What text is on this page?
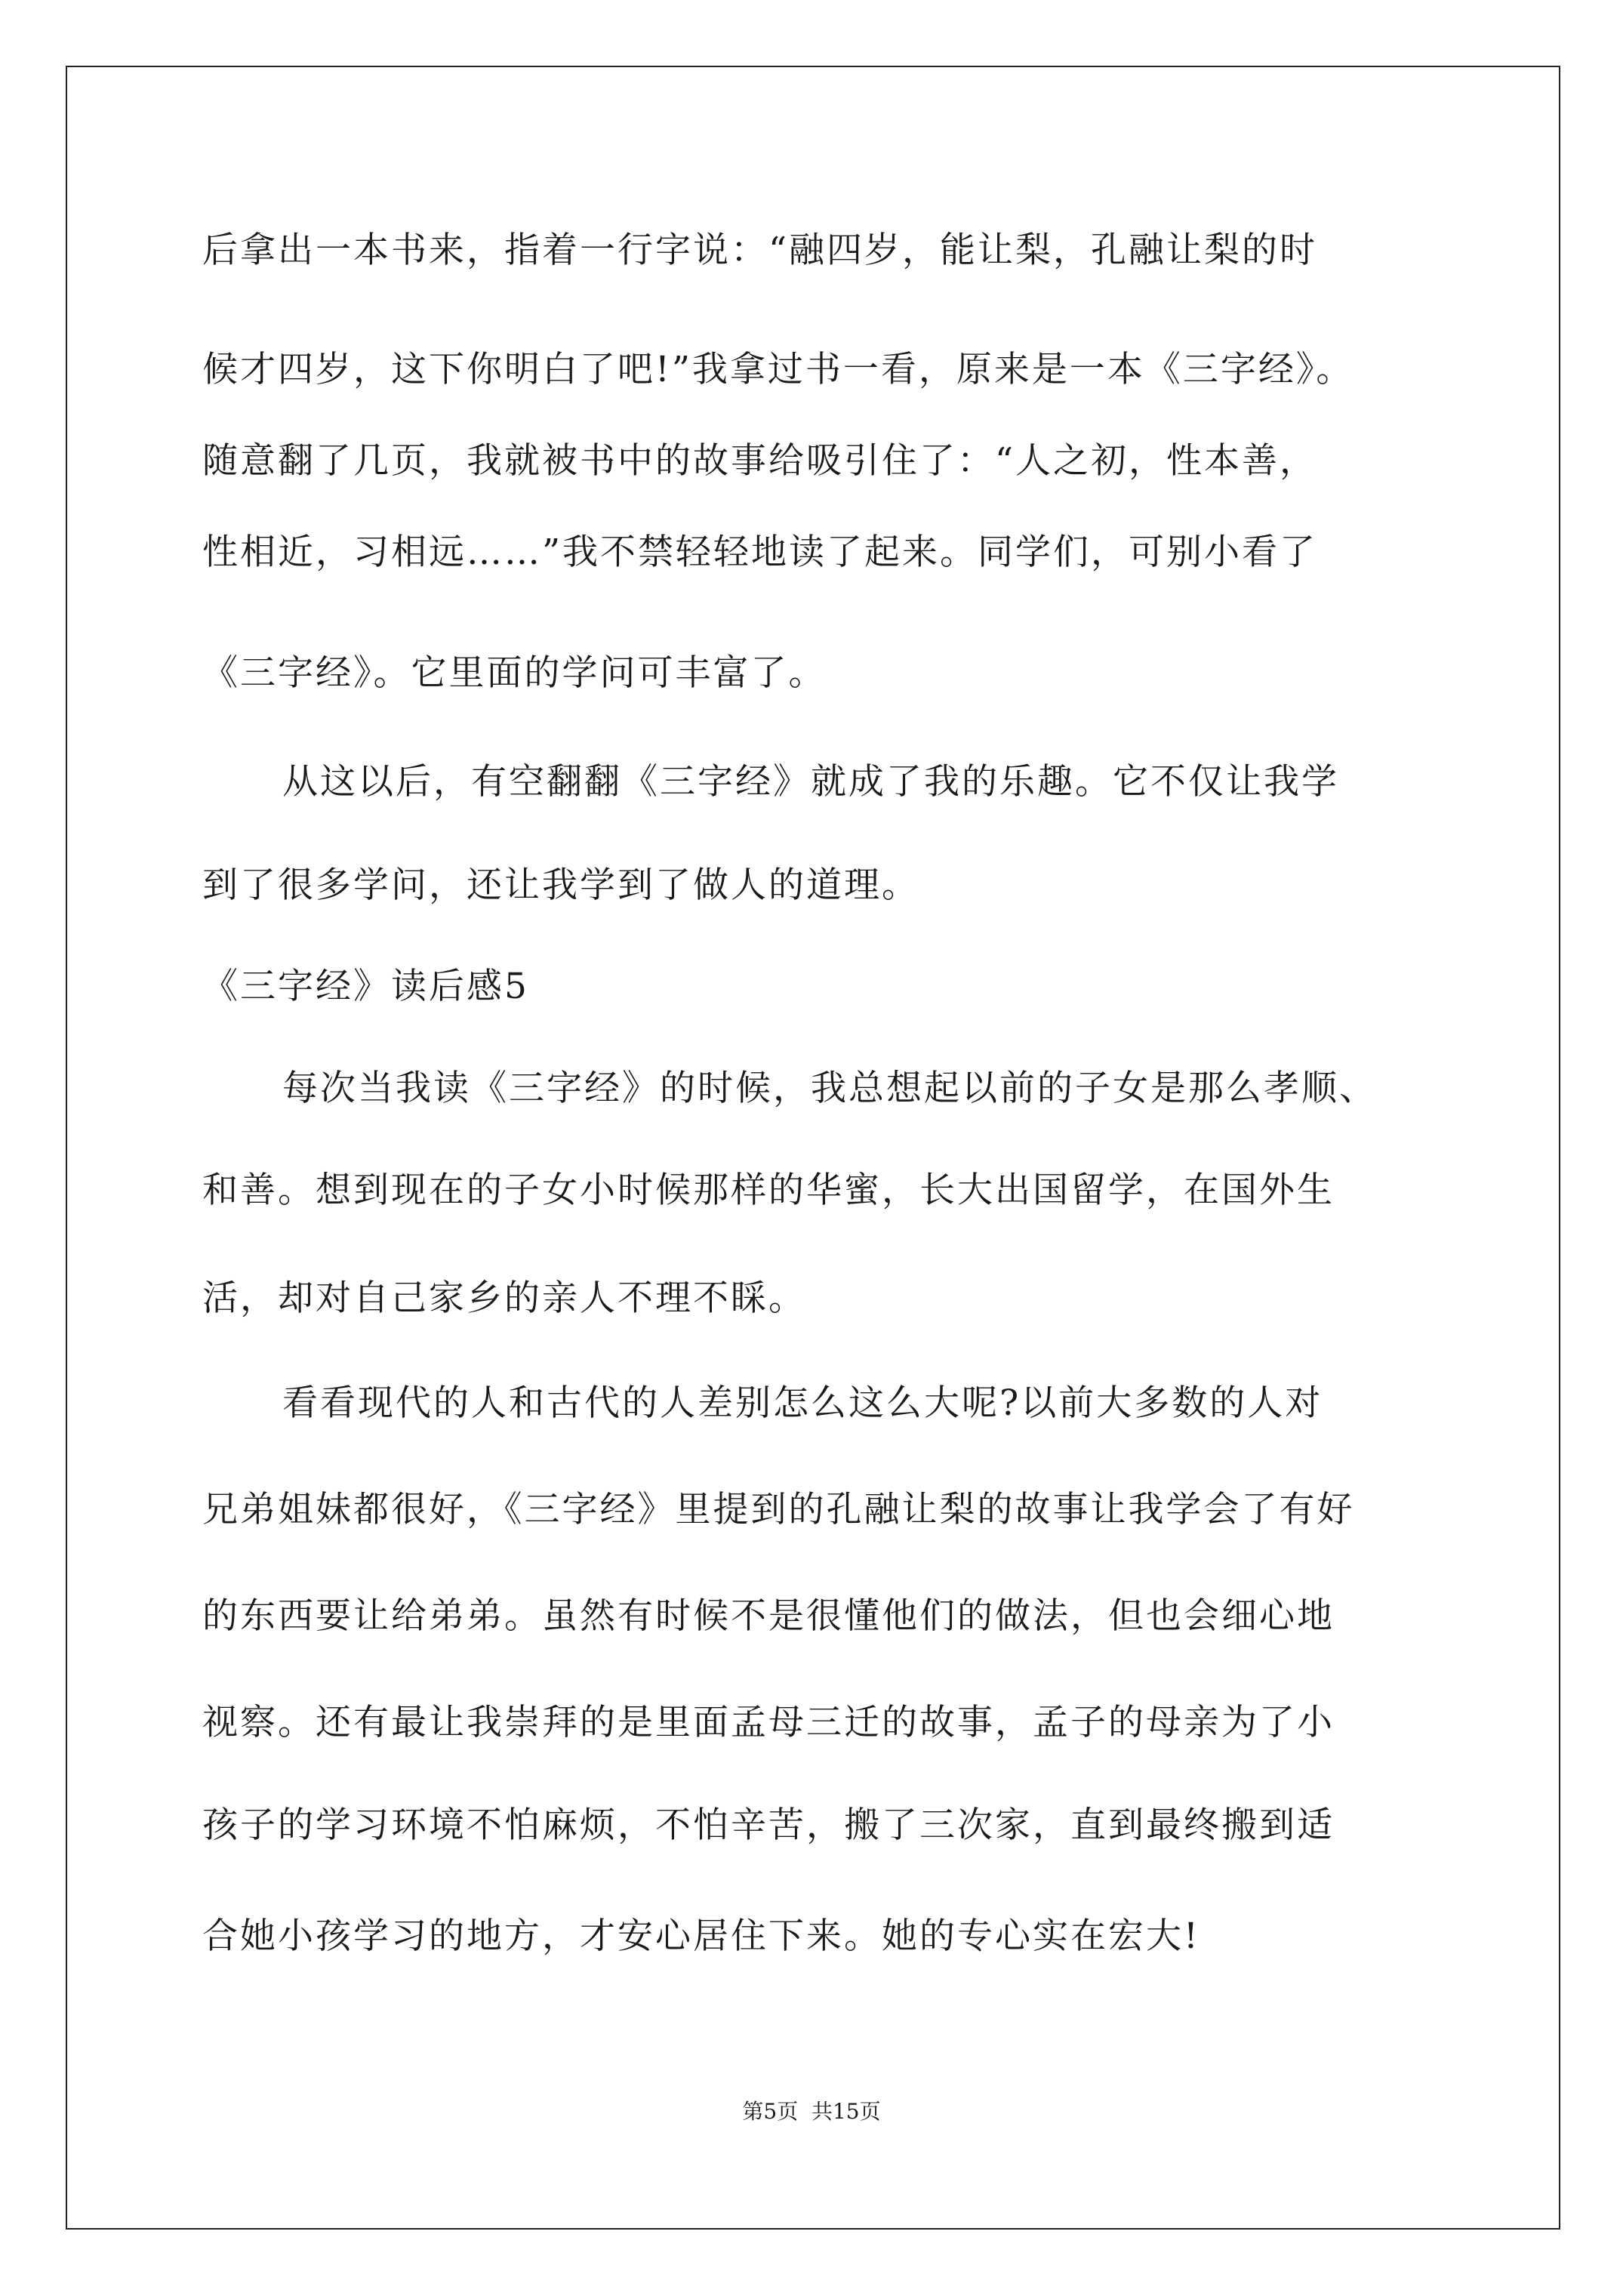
后拿出一本书来，指着一行字说：“融四岁，能让梨，孔融让梨的时
候才四岁，这下你明白了吧!”我拿过书一看，原来是一本《三字经》。
随意翻了几页，我就被书中的故事给吸引住了：“人之初，性本善，
性相近，习相远……”我不禁轻轻地读了起来。同学们，可别小看了
《三字经》。它里面的学问可丰富了。
从这以后，有空翻翻《三字经》就成了我的乐趣。它不仅让我学
到了很多学问，还让我学到了做人的道理。
《三字经》读后感5
每次当我读《三字经》的时候，我总想起以前的子女是那么孝顺、
和善。想到现在的子女小时候那样的华蜜，长大出国留学，在国外生
活，却对自己家乡的亲人不理不睬。
看看现代的人和古代的人差别怎么这么大呢?以前大多数的人对
兄弟姐妹都很好，《三字经》里提到的孔融让梨的故事让我学会了有好
的东西要让给弟弟。虽然有时候不是很懂他们的做法，但也会细心地
视察。还有最让我崇拜的是里面孟母三迁的故事，孟子的母亲为了小
孩子的学习环境不怕麻烦，不怕辛苦，搬了三次家，直到最终搬到适
合她小孩学习的地方，才安心居住下来。她的专心实在宏大!
第5页  共15页
